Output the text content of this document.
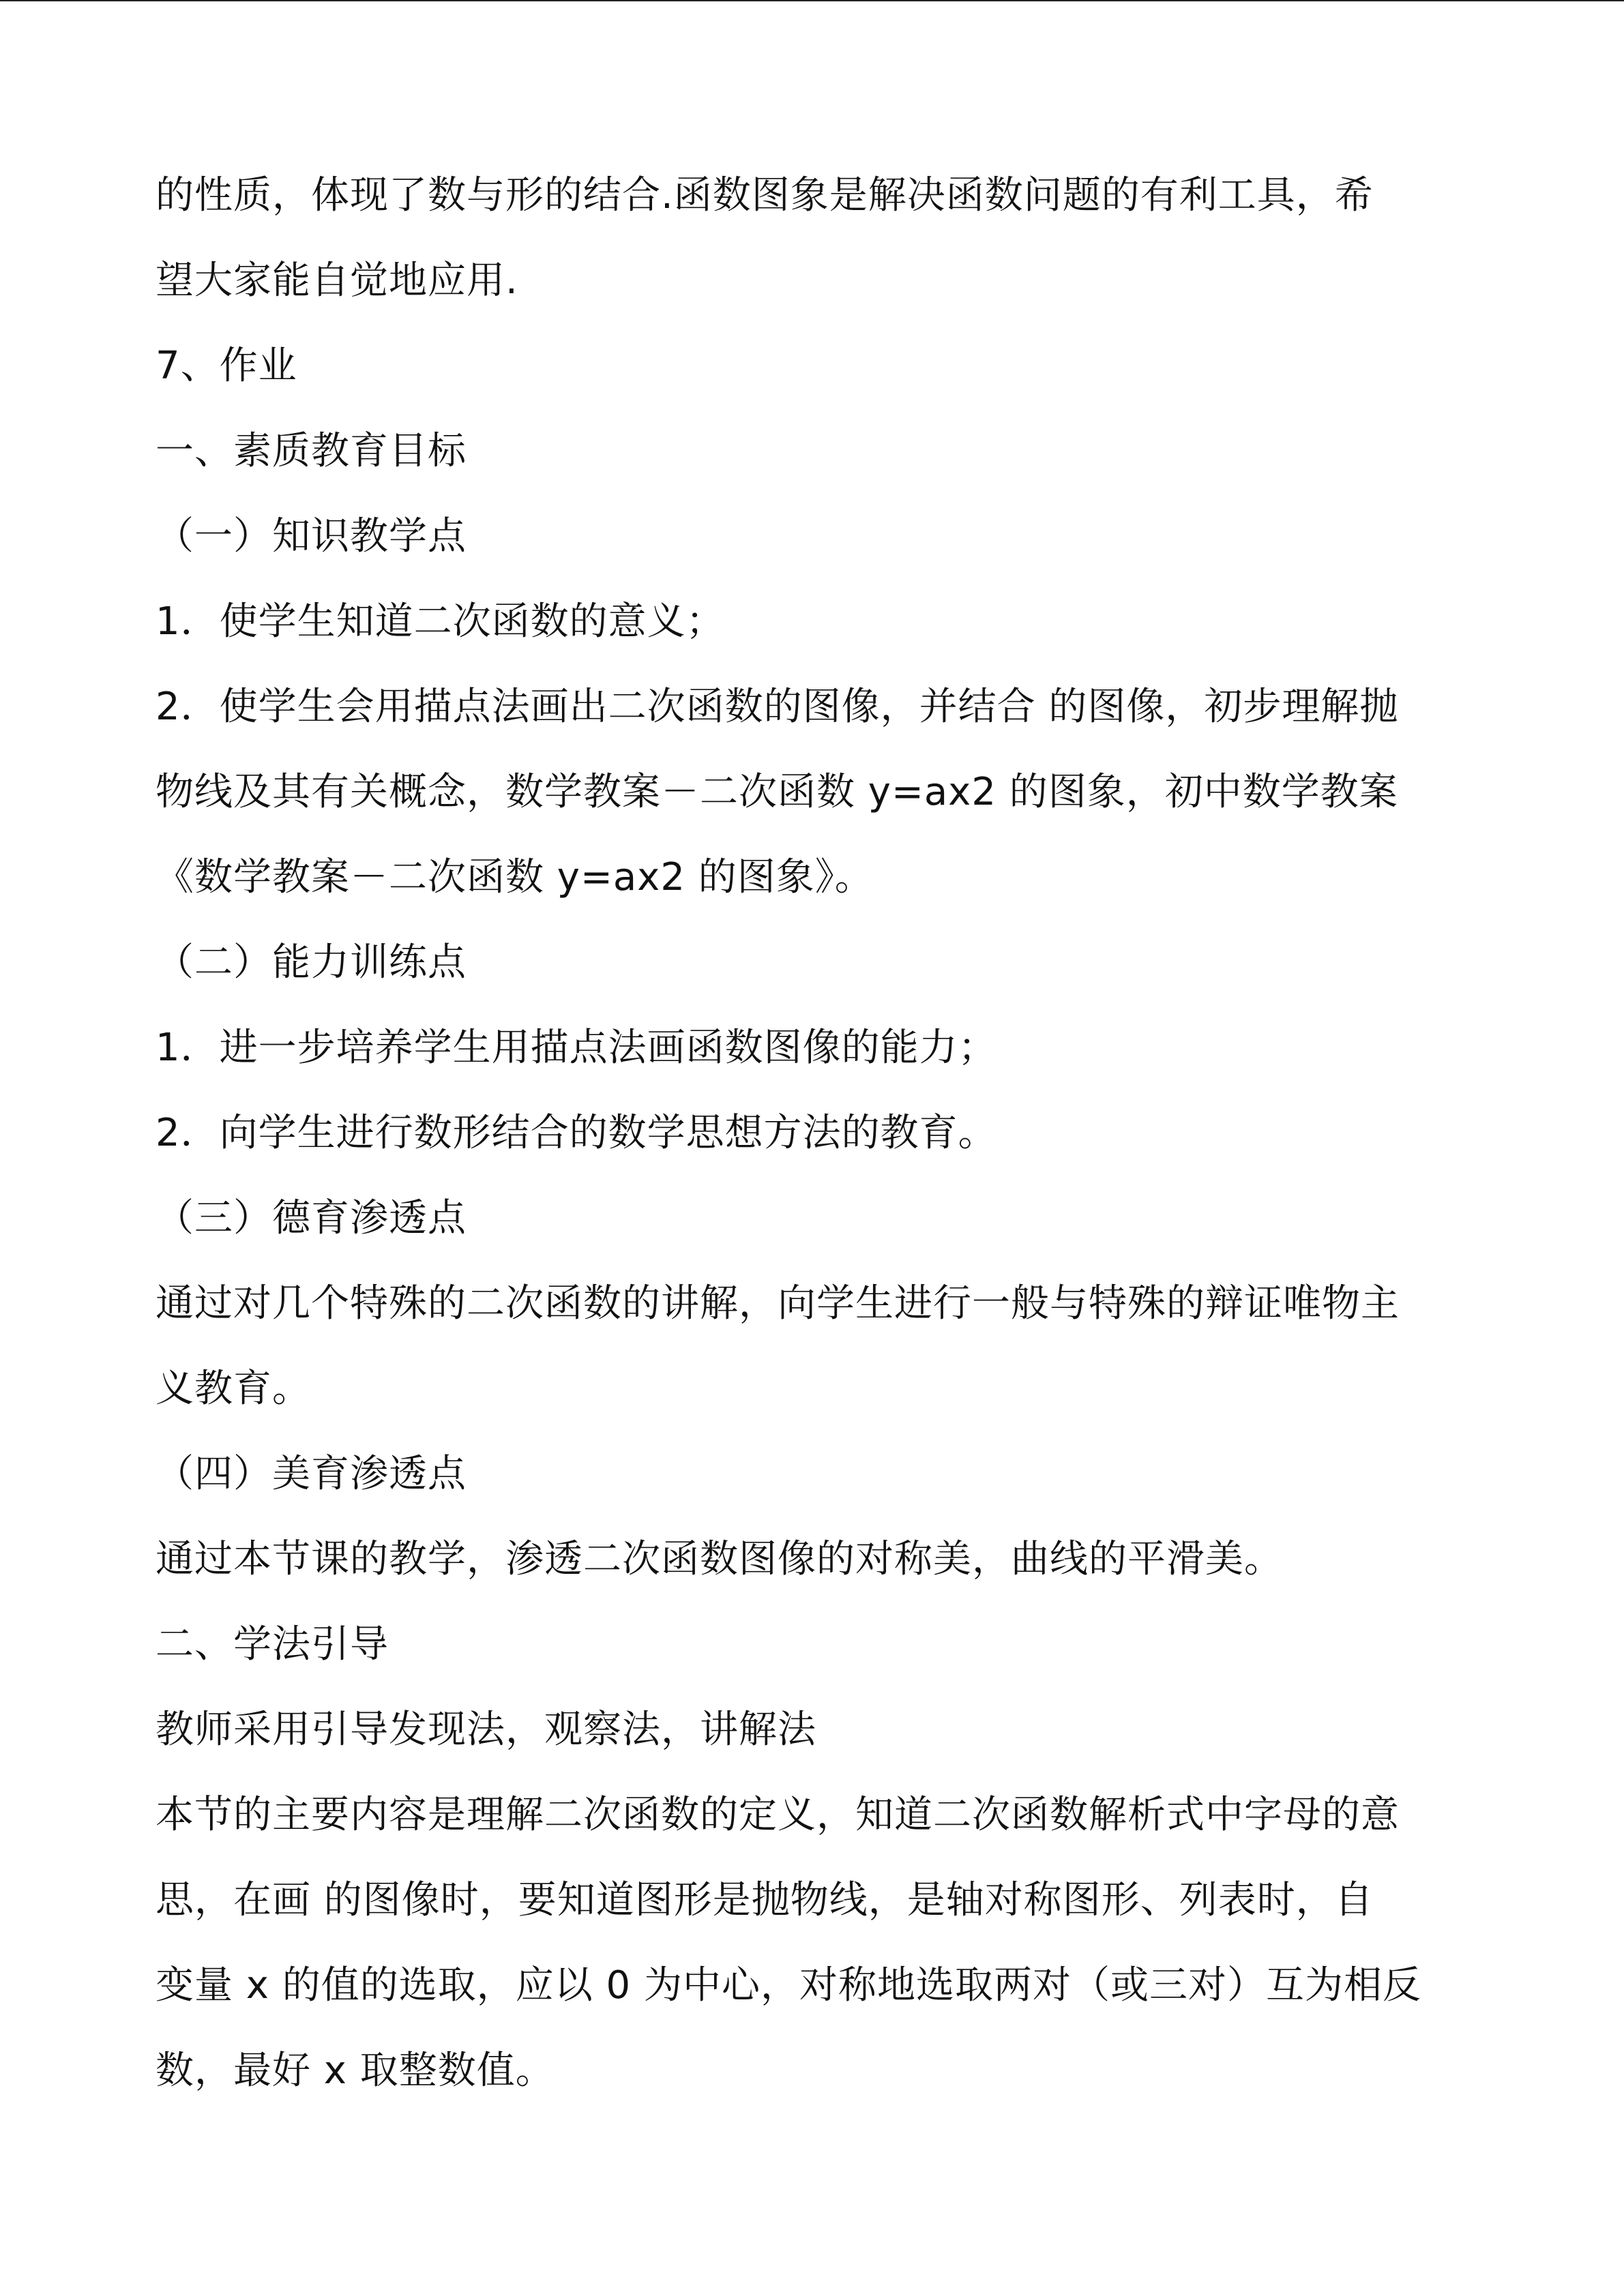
的性质，体现了数与形的结合.函数图象是解决函数问题的有利工具，希
望大家能自觉地应用.
7、作业
一、素质教育目标
（一）知识教学点
1．使学生知道二次函数的意义；
2．使学生会用描点法画出二次函数的图像，并结合 的图像，初步理解抛
物线及其有关概念，数学教案－二次函数 y=ax2 的图象，初中数学教案
《数学教案－二次函数 y=ax2 的图象》。
（二）能力训练点
1．进一步培养学生用描点法画函数图像的能力；
2．向学生进行数形结合的数学思想方法的教育。
（三）德育渗透点
通过对几个特殊的二次函数的讲解，向学生进行一般与特殊的辩证唯物主
义教育。
（四）美育渗透点
通过本节课的教学，渗透二次函数图像的对称美，曲线的平滑美。
二、学法引导
教师采用引导发现法，观察法，讲解法
本节的主要内容是理解二次函数的定义，知道二次函数解析式中字母的意
思，在画 的图像时，要知道图形是抛物线，是轴对称图形、列表时，自
变量 x 的值的选取，应以 0 为中心，对称地选取两对（或三对）互为相反
数，最好 x 取整数值。
